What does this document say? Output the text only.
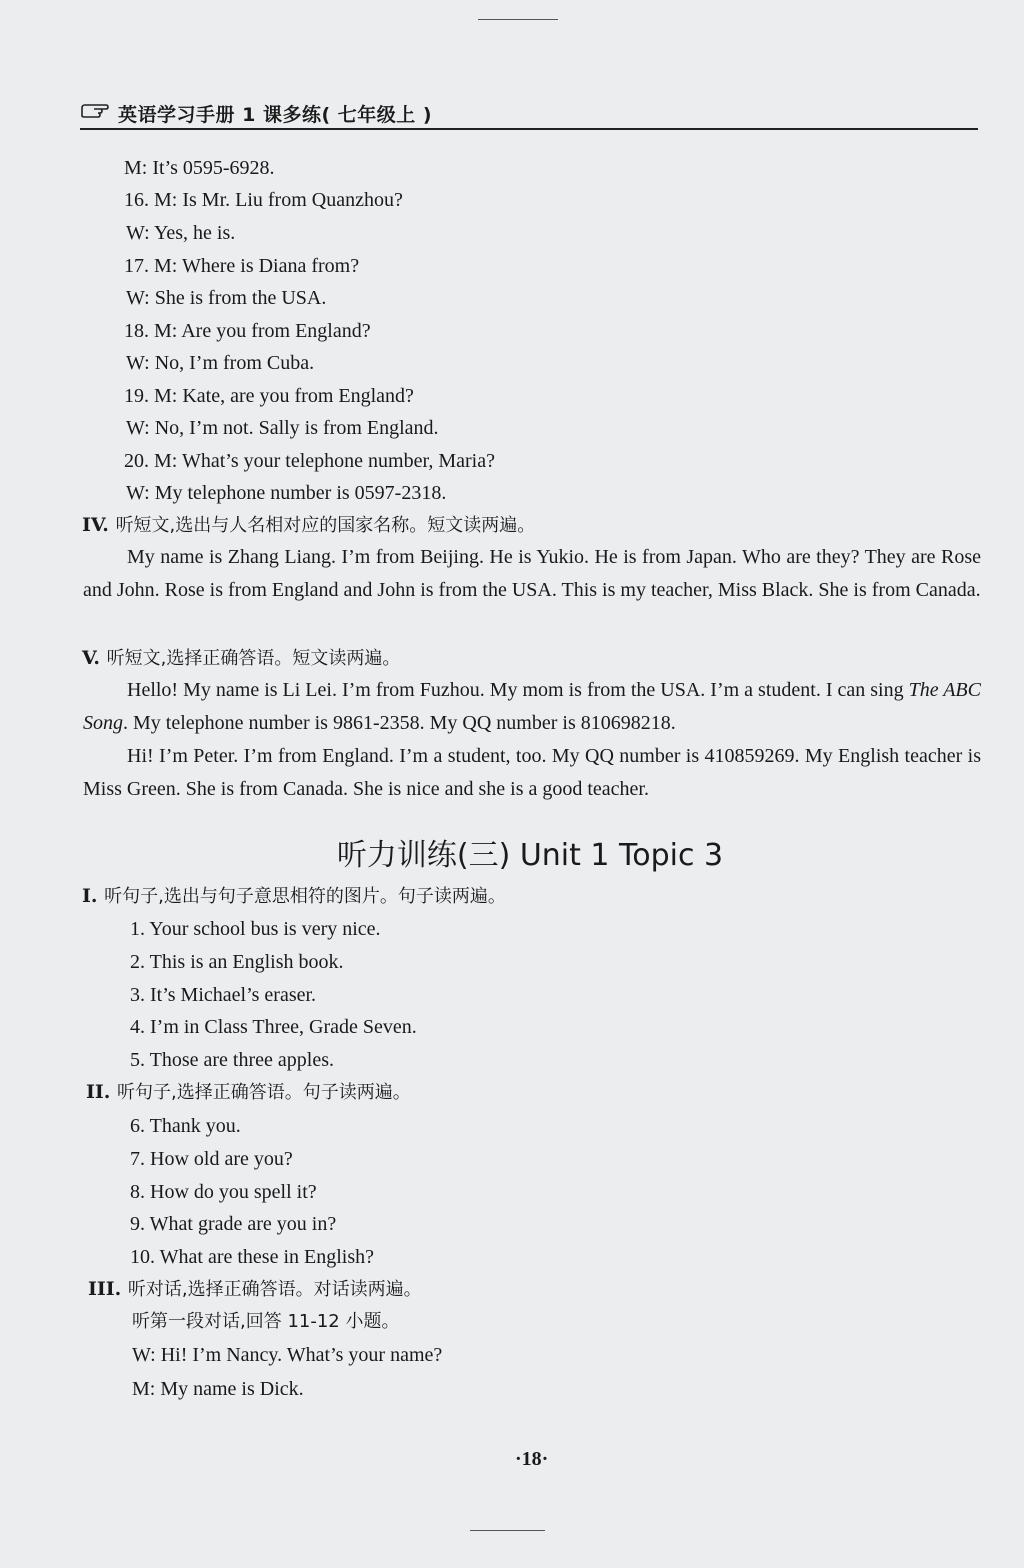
英语学习手册 1 课多练( 七年级上 )
M: It’s 0595-6928.
16. M: Is Mr. Liu from Quanzhou?
W: Yes, he is.
17. M: Where is Diana from?
W: She is from the USA.
18. M: Are you from England?
W: No, I’m from Cuba.
19. M: Kate, are you from England?
W: No, I’m not. Sally is from England.
20. M: What’s your telephone number, Maria?
W: My telephone number is 0597-2318.
IV. 听短文,选出与人名相对应的国家名称。短文读两遍。
My name is Zhang Liang. I’m from Beijing. He is Yukio. He is from Japan. Who are they? They are Rose and John. Rose is from England and John is from the USA. This is my teacher, Miss Black. She is from Canada.
V. 听短文,选择正确答语。短文读两遍。
Hello! My name is Li Lei. I’m from Fuzhou. My mom is from the USA. I’m a student. I can sing The ABC Song. My telephone number is 9861-2358. My QQ number is 810698218.
Hi! I’m Peter. I’m from England. I’m a student, too. My QQ number is 410859269. My English teacher is Miss Green. She is from Canada. She is nice and she is a good teacher.
听力训练(三) Unit 1 Topic 3
I. 听句子,选出与句子意思相符的图片。句子读两遍。
1. Your school bus is very nice.
2. This is an English book.
3. It’s Michael’s eraser.
4. I’m in Class Three, Grade Seven.
5. Those are three apples.
II. 听句子,选择正确答语。句子读两遍。
6. Thank you.
7. How old are you?
8. How do you spell it?
9. What grade are you in?
10. What are these in English?
III. 听对话,选择正确答语。对话读两遍。
听第一段对话,回答 11-12 小题。
W: Hi! I’m Nancy. What’s your name?
M: My name is Dick.
·18·
